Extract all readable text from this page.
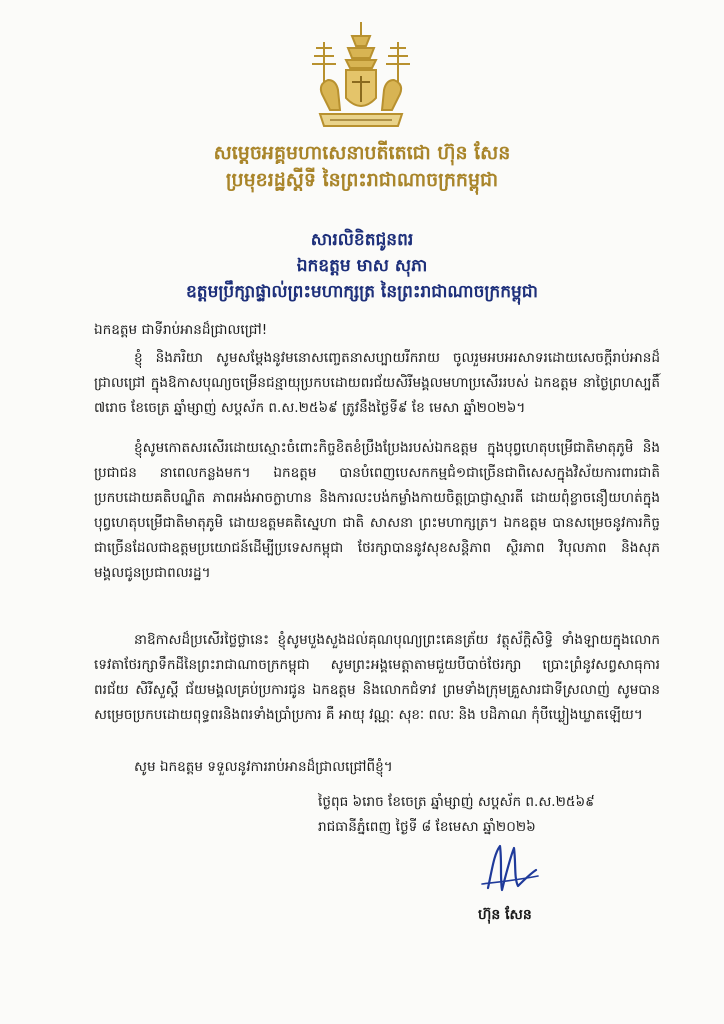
សម្តេចអគ្គមហាសេនាបតីតេជោ ហ៊ុន សែន
ប្រមុខរដ្ឋស្តីទី នៃព្រះរាជាណាចក្រកម្ពុជា
សារលិខិតជូនពរ
ឯកឧត្តម មាស សុភា
ឧត្តមប្រឹក្សាផ្ទាល់ព្រះមហាក្សត្រ នៃព្រះរាជាណាចក្រកម្ពុជា
ឯកឧត្តម ជាទីរាប់អានដ៏ជ្រាលជ្រៅ!
ខ្ញុំ និងភរិយា សូមសម្តែងនូវមនោសញ្ចេតនាសប្បាយរីករាយ ចូលរួមអបអរសាទរដោយសេចក្តីរាប់អានដ៏ជ្រាលជ្រៅ ក្នុងឱកាសបុណ្យចម្រើនជន្មាយុប្រកបដោយពរជ័យសិរីមង្គលមហាប្រសើររបស់ ឯកឧត្តម នាថ្ងៃព្រហស្បតិ៍ ៧រោច ខែចេត្រ ឆ្នាំម្សាញ់ សប្តស័ក ព.ស.២៥៦៩ ត្រូវនឹងថ្ងៃទី៩ ខែ មេសា ឆ្នាំ២០២៦។
ខ្ញុំសូមកោតសរសើរដោយស្មោះចំពោះកិច្ចខិតខំប្រឹងប្រែងរបស់ឯកឧត្តម ក្នុងបុព្វហេតុបម្រើជាតិមាតុភូមិ និងប្រជាជន នាពេលកន្លងមក។ ឯកឧត្តម បានបំពេញបេសកកម្មជំ១ជាច្រើនជាពិសេសក្នុងវិស័យការពារជាតិប្រកបដោយគតិបណ្ឌិត ភាពអង់អាចក្លាហាន និងការលះបង់កម្លាំងកាយចិត្តប្រាជ្ញាស្មារតី ដោយពុំខ្លាចនឿយហត់ក្នុងបុព្វហេតុបម្រើជាតិមាតុភូមិ ដោយឧត្តមគតិស្នេហា ជាតិ សាសនា ព្រះមហាក្សត្រ។ ឯកឧត្តម បានសម្រេចនូវការកិច្ចជាច្រើនដែលជាឧត្តមប្រយោជន៍ដើម្បីប្រទេសកម្ពុជា ថែរក្សាបាននូវសុខសន្តិភាព ស្ថិរភាព វិបុលភាព និងសុភមង្គលជូនប្រជាពលរដ្ឋ។
នាឱកាសដ៏ប្រសើរថ្លៃថ្លានេះ ខ្ញុំសូមបួងសួងដល់គុណបុណ្យព្រះគេនត្រ័យ វត្ថុស័ក្តិសិទ្ធិ ទាំងឡាយក្នុងលោក ទេវតាថែរក្សាទឹកដីនៃព្រះរាជាណាចក្រកម្ពុជា សូមព្រះអង្គមេត្តាតាមជួយបីបាច់ថែរក្សា ប្រោះព្រំនូវសព្វសាធុការពរជ័យ សិរីសួស្តី ជ័យមង្គលគ្រប់ប្រការជូន ឯកឧត្តម និងលោកជំទាវ ព្រមទាំងក្រុមគ្រួសារជាទីស្រលាញ់ សូមបានសម្រេចប្រកបដោយពុទ្ធពរនិងពរទាំងប្រាំប្រការ គឺ អាយុ វណ្ណៈ សុខៈ ពលៈ និង បដិភាណ កុំបីឃ្លៀងឃ្លាតឡើយ។
សូម ឯកឧត្តម ទទួលនូវការរាប់អានដ៏ជ្រាលជ្រៅពីខ្ញុំ។
ថ្ងៃពុធ ៦រោច ខែចេត្រ ឆ្នាំម្សាញ់ សប្តស័ក ព.ស.២៥៦៩
រាជធានីភ្នំពេញ ថ្ងៃទី ៨ ខែមេសា ឆ្នាំ២០២៦
ហ៊ុន សែន
